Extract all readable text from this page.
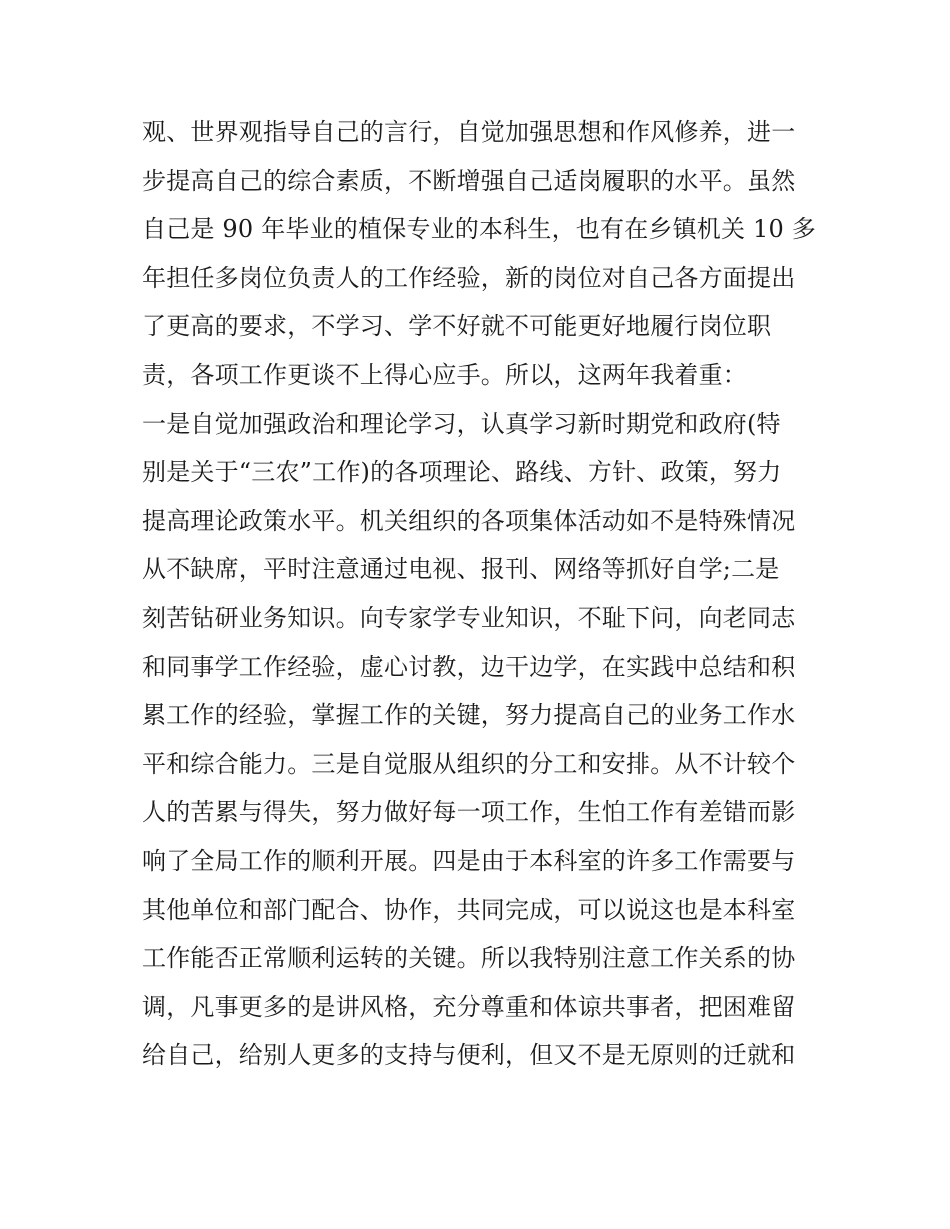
观、世界观指导自己的言行，自觉加强思想和作风修养，进一
步提高自己的综合素质，不断增强自己适岗履职的水平。虽然
自己是 90 年毕业的植保专业的本科生，也有在乡镇机关 10 多
年担任多岗位负责人的工作经验，新的岗位对自己各方面提出
了更高的要求，不学习、学不好就不可能更好地履行岗位职
责，各项工作更谈不上得心应手。所以，这两年我着重：
一是自觉加强政治和理论学习，认真学习新时期党和政府(特
别是关于“三农”工作)的各项理论、路线、方针、政策，努力
提高理论政策水平。机关组织的各项集体活动如不是特殊情况
从不缺席，平时注意通过电视、报刊、网络等抓好自学;二是
刻苦钻研业务知识。向专家学专业知识，不耻下问，向老同志
和同事学工作经验，虚心讨教，边干边学，在实践中总结和积
累工作的经验，掌握工作的关键，努力提高自己的业务工作水
平和综合能力。三是自觉服从组织的分工和安排。从不计较个
人的苦累与得失，努力做好每一项工作，生怕工作有差错而影
响了全局工作的顺利开展。四是由于本科室的许多工作需要与
其他单位和部门配合、协作，共同完成，可以说这也是本科室
工作能否正常顺利运转的关键。所以我特别注意工作关系的协
调，凡事更多的是讲风格，充分尊重和体谅共事者，把困难留
给自己，给别人更多的支持与便利，但又不是无原则的迁就和
